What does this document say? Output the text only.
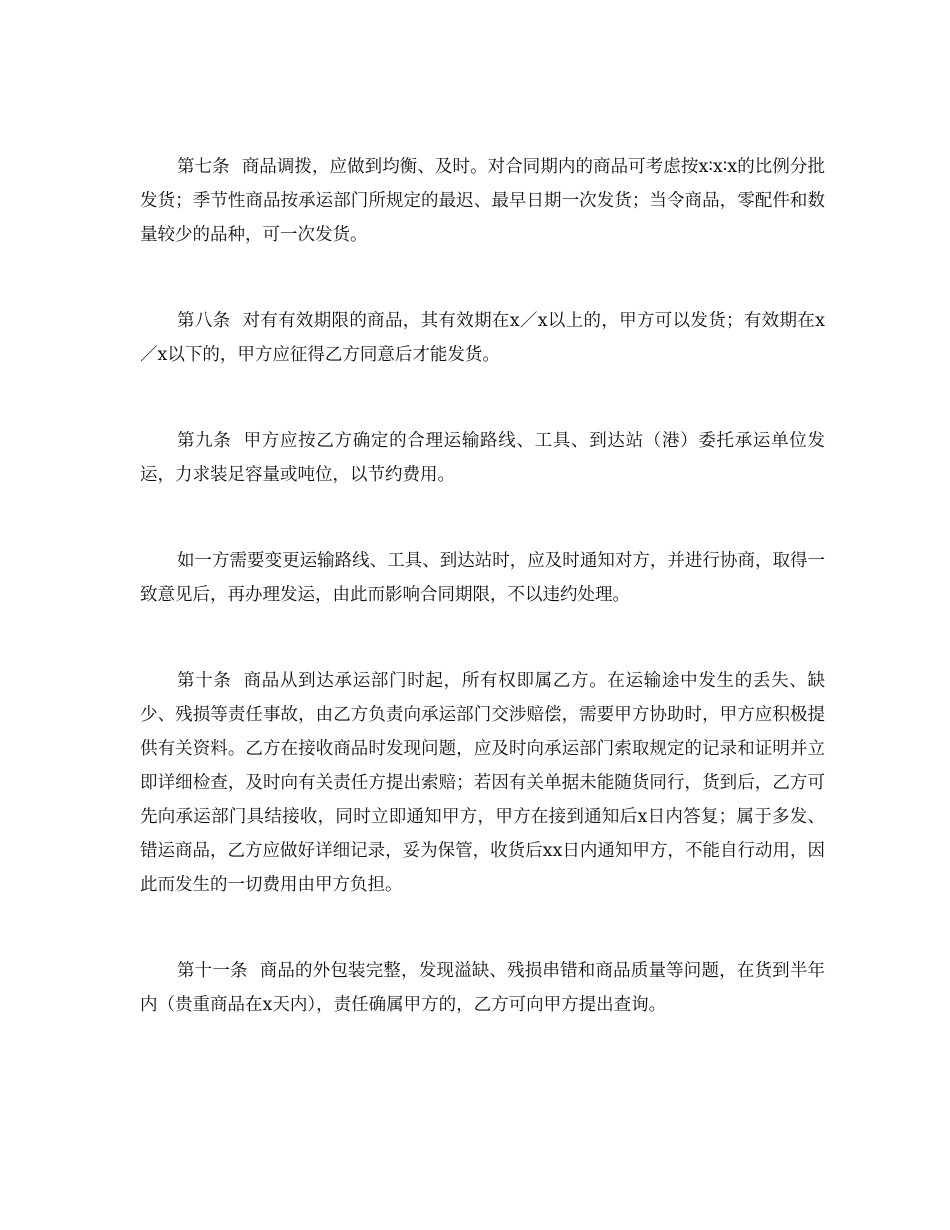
第七条 商品调拨，应做到均衡、及时。对合同期内的商品可考虑按x∶x∶x的比例分批发货；季节性商品按承运部门所规定的最迟、最早日期一次发货；当令商品，零配件和数量较少的品种，可一次发货。

第八条 对有有效期限的商品，其有效期在x／x以上的，甲方可以发货；有效期在x／x以下的，甲方应征得乙方同意后才能发货。

第九条 甲方应按乙方确定的合理运输路线、工具、到达站（港）委托承运单位发运，力求装足容量或吨位，以节约费用。

如一方需要变更运输路线、工具、到达站时，应及时通知对方，并进行协商，取得一致意见后，再办理发运，由此而影响合同期限，不以违约处理。

第十条 商品从到达承运部门时起，所有权即属乙方。在运输途中发生的丢失、缺少、残损等责任事故，由乙方负责向承运部门交涉赔偿，需要甲方协助时，甲方应积极提供有关资料。乙方在接收商品时发现问题，应及时向承运部门索取规定的记录和证明并立即详细检查，及时向有关责任方提出索赔；若因有关单据未能随货同行，货到后，乙方可先向承运部门具结接收，同时立即通知甲方，甲方在接到通知后x日内答复；属于多发、错运商品，乙方应做好详细记录，妥为保管，收货后xx日内通知甲方，不能自行动用，因此而发生的一切费用由甲方负担。

第十一条 商品的外包装完整，发现溢缺、残损串错和商品质量等问题，在货到半年内（贵重商品在x天内），责任确属甲方的，乙方可向甲方提出查询。
